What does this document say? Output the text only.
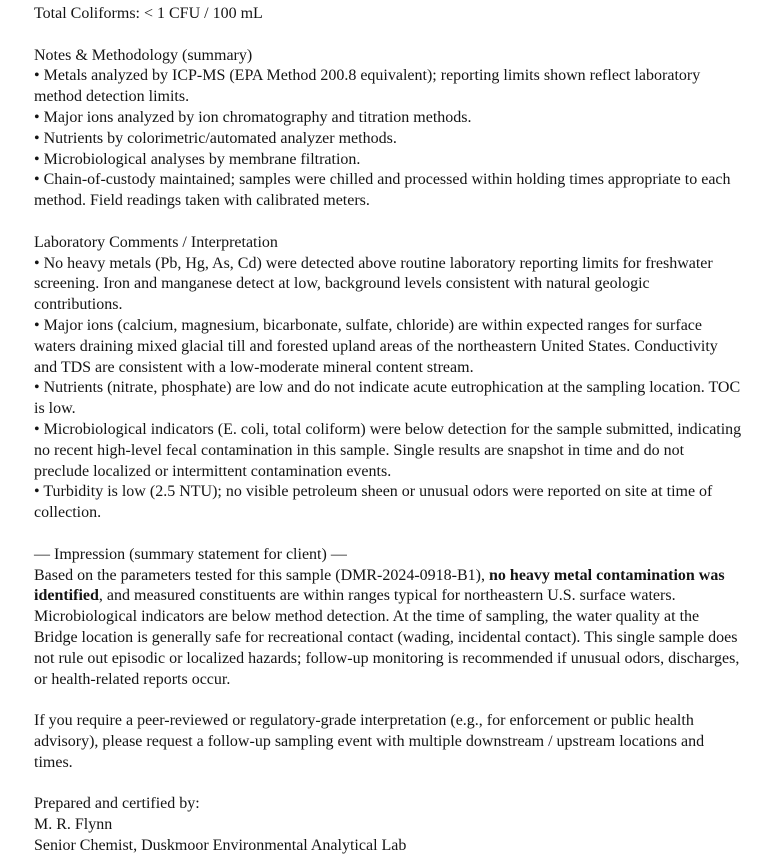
Total Coliforms: < 1 CFU / 100 mL

Notes & Methodology (summary)

• Metals analyzed by ICP-MS (EPA Method 200.8 equivalent); reporting limits shown reflect laboratory method detection limits.

• Major ions analyzed by ion chromatography and titration methods.

• Nutrients by colorimetric/automated analyzer methods.

• Microbiological analyses by membrane filtration.

• Chain-of-custody maintained; samples were chilled and processed within holding times appropriate to each method. Field readings taken with calibrated meters.

Laboratory Comments / Interpretation

• No heavy metals (Pb, Hg, As, Cd) were detected above routine laboratory reporting limits for freshwater screening. Iron and manganese detect at low, background levels consistent with natural geologic contributions.

• Major ions (calcium, magnesium, bicarbonate, sulfate, chloride) are within expected ranges for surface waters draining mixed glacial till and forested upland areas of the northeastern United States. Conductivity and TDS are consistent with a low-moderate mineral content stream.

• Nutrients (nitrate, phosphate) are low and do not indicate acute eutrophication at the sampling location. TOC is low.

• Microbiological indicators (E. coli, total coliform) were below detection for the sample submitted, indicating no recent high-level fecal contamination in this sample. Single results are snapshot in time and do not preclude localized or intermittent contamination events.

• Turbidity is low (2.5 NTU); no visible petroleum sheen or unusual odors were reported on site at time of collection.

— Impression (summary statement for client) —

Based on the parameters tested for this sample (DMR-2024-0918-B1), no heavy metal contamination was identified, and measured constituents are within ranges typical for northeastern U.S. surface waters. Microbiological indicators are below method detection. At the time of sampling, the water quality at the Bridge location is generally safe for recreational contact (wading, incidental contact). This single sample does not rule out episodic or localized hazards; follow-up monitoring is recommended if unusual odors, discharges, or health-related reports occur.

If you require a peer-reviewed or regulatory-grade interpretation (e.g., for enforcement or public health advisory), please request a follow-up sampling event with multiple downstream / upstream locations and times.

Prepared and certified by:

M. R. Flynn

Senior Chemist, Duskmoor Environmental Analytical Lab
